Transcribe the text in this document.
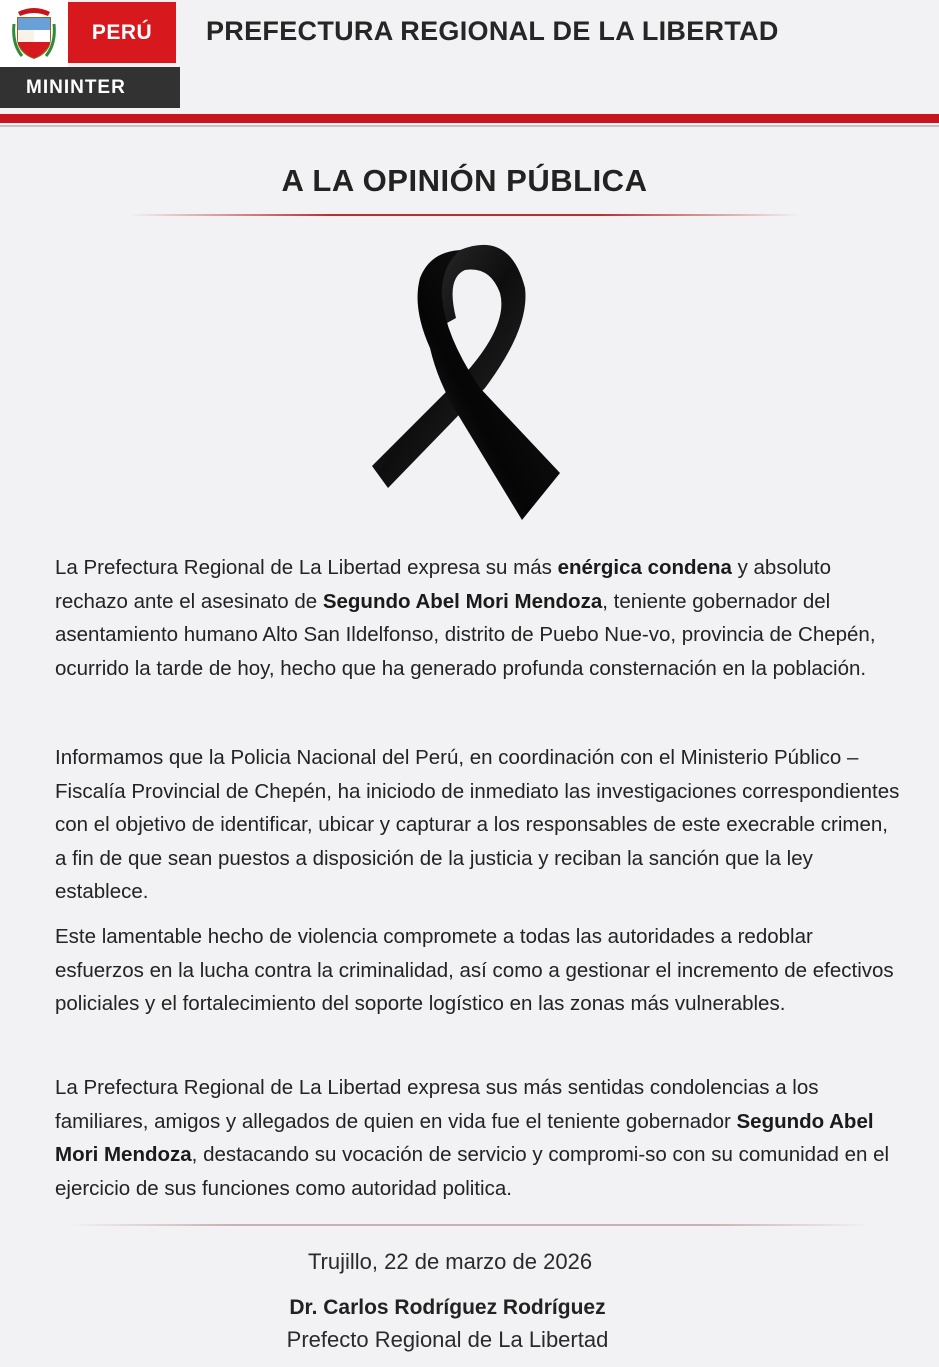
PERÚ
MININTER
PREFECTURA REGIONAL DE LA LIBERTAD
A LA OPINIÓN PÚBLICA

La Prefectura Regional de La Libertad expresa su más enérgica condena y absoluto rechazo ante el asesinato de Segundo Abel Mori Mendoza, teniente gobernador del asentamiento humano Alto San Ildelfonso, distrito de Puebo Nue-vo, provincia de Chepén, ocurrido la tarde de hoy, hecho que ha generado profunda consternación en la población.

Informamos que la Policia Nacional del Perú, en coordinación con el Ministerio Público – Fiscalía Provincial de Chepén, ha iniciodo de inmediato las investigaciones correspondientes con el objetivo de identificar, ubicar y capturar a los responsables de este execrable crimen, a fin de que sean puestos a disposición de la justicia y reciban la sanción que la ley establece.

Este lamentable hecho de violencia compromete a todas las autoridades a redoblar esfuerzos en la lucha contra la criminalidad, así como a gestionar el incremento de efectivos policiales y el fortalecimiento del soporte logístico en las zonas más vulnerables.

La Prefectura Regional de La Libertad expresa sus más sentidas condolencias a los familiares, amigos y allegados de quien en vida fue el teniente gobernador Segundo Abel Mori Mendoza, destacando su vocación de servicio y compromi-so con su comunidad en el ejercicio de sus funciones como autoridad politica.

Trujillo, 22 de marzo de 2026
Dr. Carlos Rodríguez Rodríguez
Prefecto Regional de La Libertad
